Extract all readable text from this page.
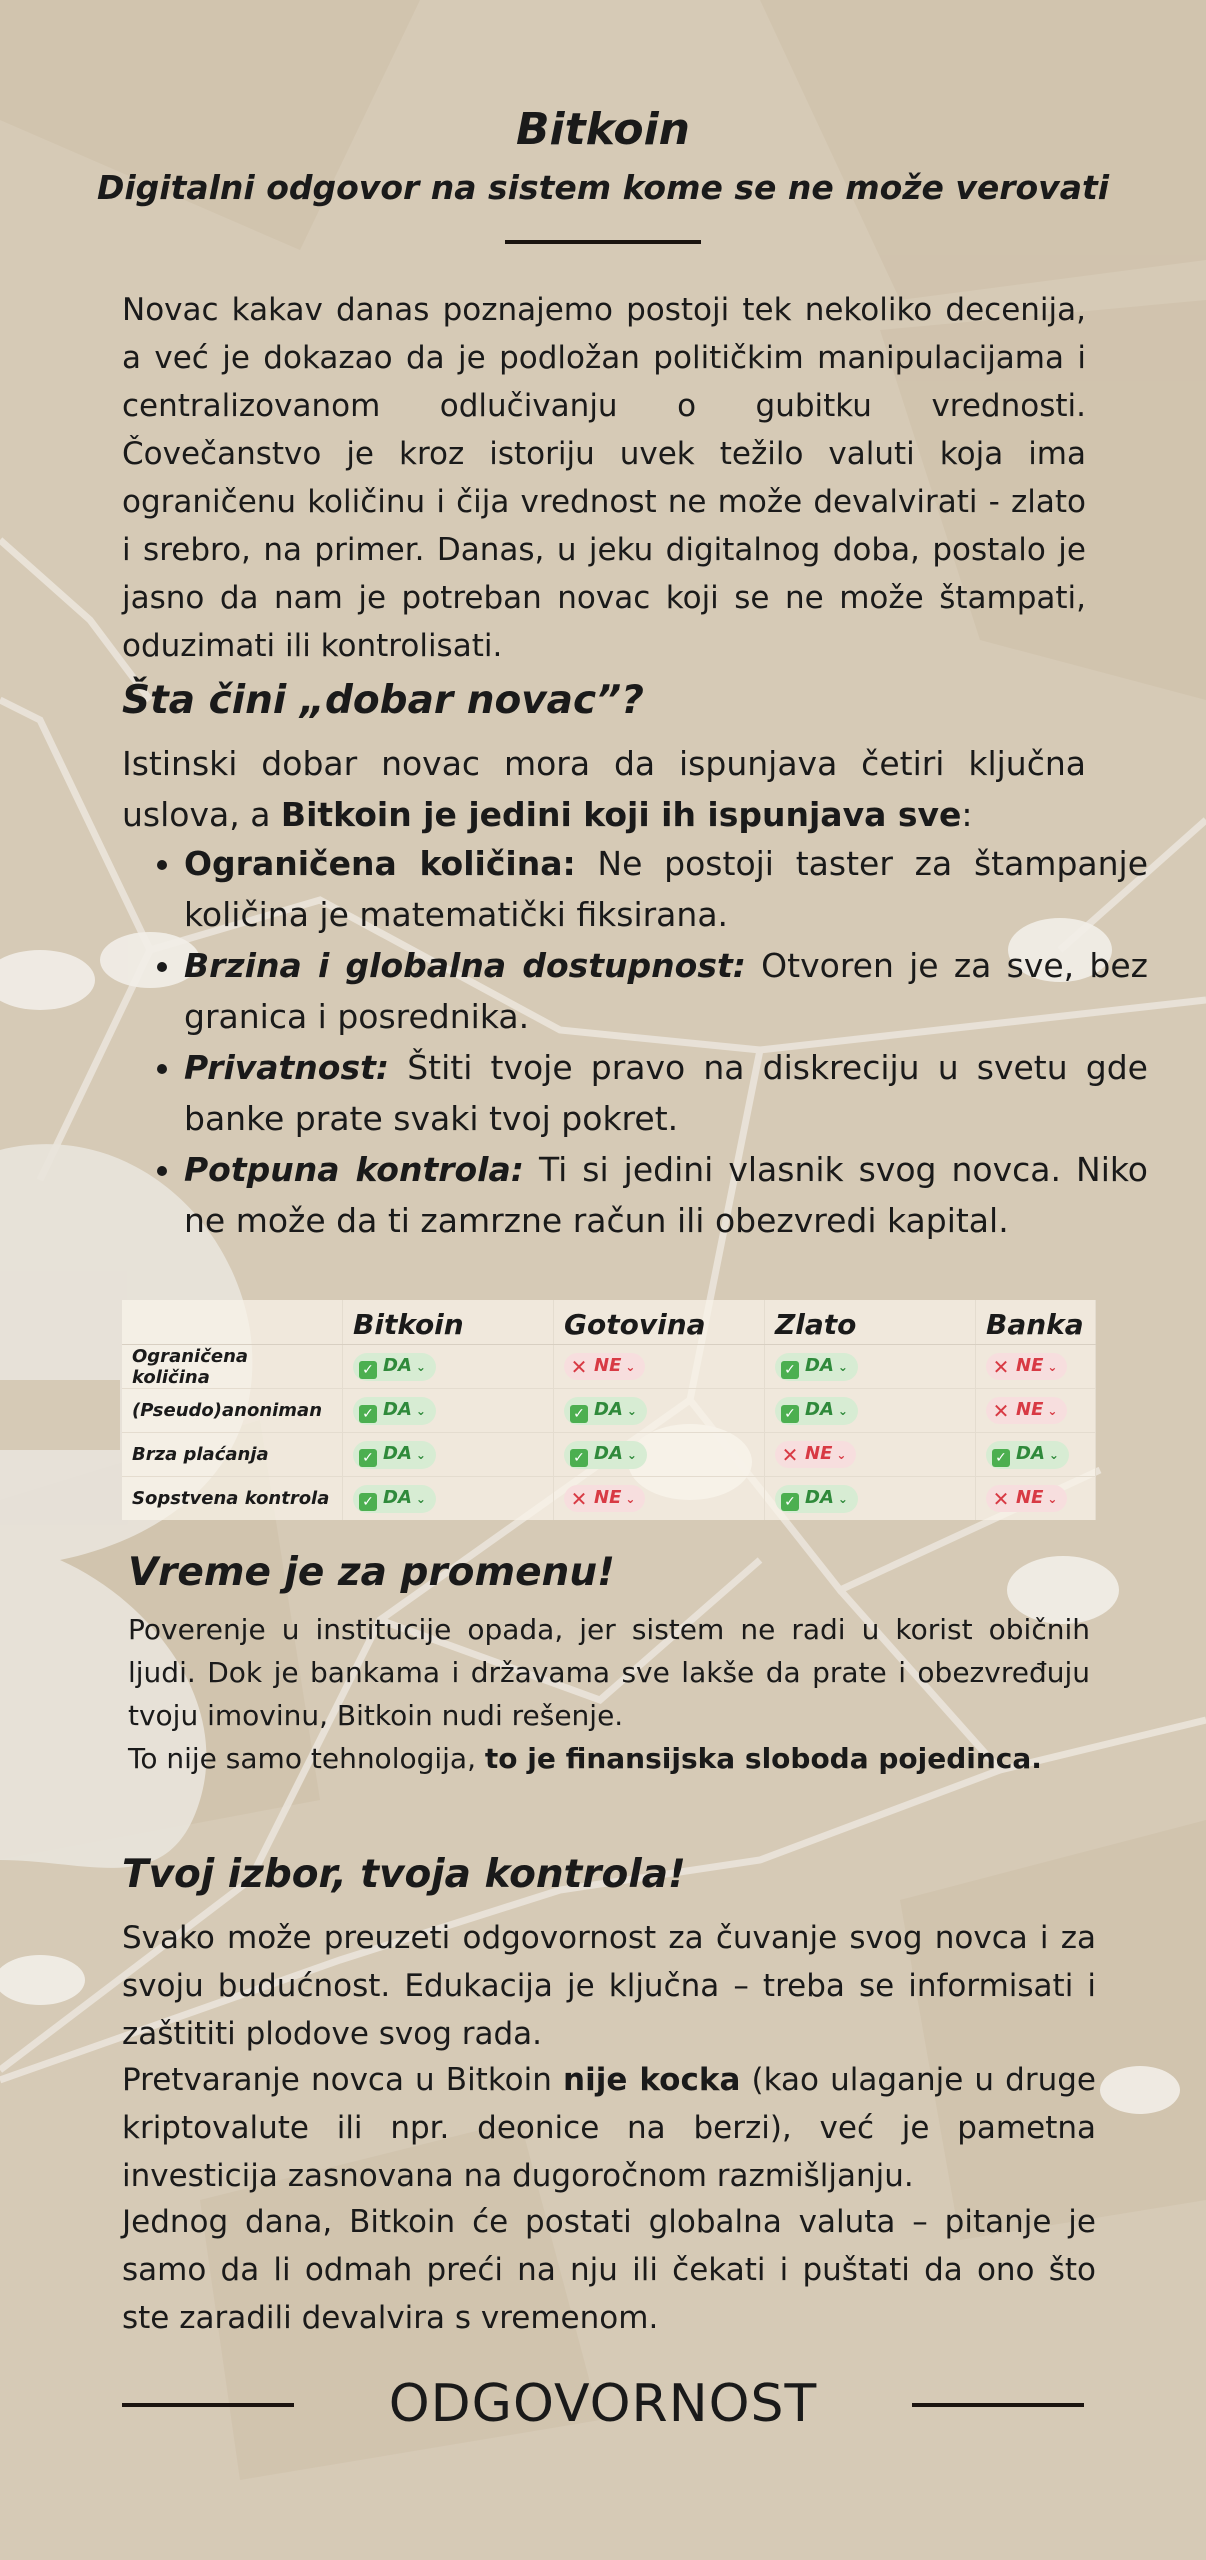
Bitkoin
Digitalni odgovor na sistem kome se ne može verovati

Novac kakav danas poznajemo postoji tek nekoliko decenija, a već je dokazao da je podložan političkim manipulacijama i centralizovanom odlučivanju o gubitku vrednosti. Čovečanstvo je kroz istoriju uvek težilo valuti koja ima ograničenu količinu i čija vrednost ne može devalvirati - zlato i srebro, na primer. Danas, u jeku digitalnog doba, postalo je jasno da nam je potreban novac koji se ne može štampati, oduzimati ili kontrolisati.

Šta čini „dobar novac”?

Istinski dobar novac mora da ispunjava četiri ključna uslova, a Bitkoin je jedini koji ih ispunjava sve:

• Ograničena količina: Ne postoji taster za štampanje količina je matematički fiksirana.
• Brzina i globalna dostupnost: Otvoren je za sve, bez granica i posrednika.
• Privatnost: Štiti tvoje pravo na diskreciju u svetu gde banke prate svaki tvoj pokret.
• Potpuna kontrola: Ti si jedini vlasnik svog novca. Niko ne može da ti zamrzne račun ili obezvredi kapital.
	Bitkoin	Gotovina	Zlato	Banka
Ograničena količina	✓ DA ⌄	✕ NE ⌄	✓ DA ⌄	✕ NE ⌄
(Pseudo)anoniman	✓ DA ⌄	✓ DA ⌄	✓ DA ⌄	✕ NE ⌄
Brza plaćanja	✓ DA ⌄	✓ DA ⌄	✕ NE ⌄	✓ DA ⌄
Sopstvena kontrola	✓ DA ⌄	✕ NE ⌄	✓ DA ⌄	✕ NE ⌄
Vreme je za promenu!

Poverenje u institucije opada, jer sistem ne radi u korist običnih ljudi. Dok je bankama i državama sve lakše da prate i obezvređuju tvoju imovinu, Bitkoin nudi rešenje.

To nije samo tehnologija, to je finansijska sloboda pojedinca.

Tvoj izbor, tvoja kontrola!

Svako može preuzeti odgovornost za čuvanje svog novca i za svoju budućnost. Edukacija je ključna – treba se informisati i zaštititi plodove svog rada.

Pretvaranje novca u Bitkoin nije kocka (kao ulaganje u druge kriptovalute ili npr. deonice na berzi), već je pametna investicija zasnovana na dugoročnom razmišljanju.

Jednog dana, Bitkoin će postati globalna valuta – pitanje je samo da li odmah preći na nju ili čekati i puštati da ono što ste zaradili devalvira s vremenom.

ODGOVORNOST
